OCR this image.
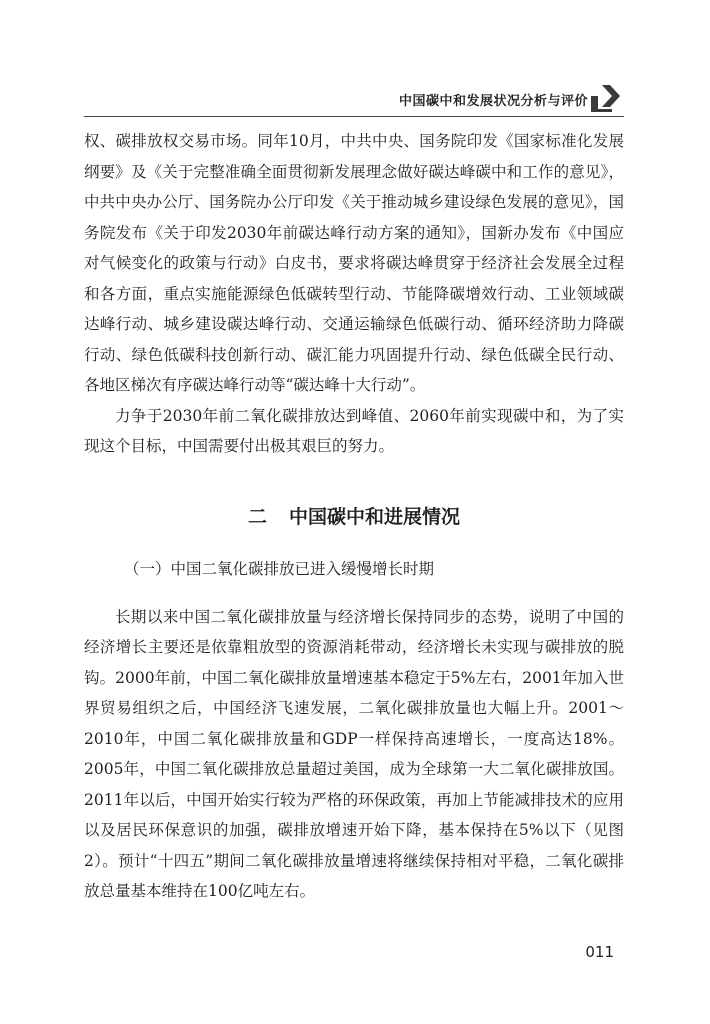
中国碳中和发展状况分析与评价

权、碳排放权交易市场。同年10月，中共中央、国务院印发《国家标准化发展纲要》及《关于完整准确全面贯彻新发展理念做好碳达峰碳中和工作的意见》，中共中央办公厅、国务院办公厅印发《关于推动城乡建设绿色发展的意见》，国务院发布《关于印发2030年前碳达峰行动方案的通知》，国新办发布《中国应对气候变化的政策与行动》白皮书，要求将碳达峰贯穿于经济社会发展全过程和各方面，重点实施能源绿色低碳转型行动、节能降碳增效行动、工业领域碳达峰行动、城乡建设碳达峰行动、交通运输绿色低碳行动、循环经济助力降碳行动、绿色低碳科技创新行动、碳汇能力巩固提升行动、绿色低碳全民行动、各地区梯次有序碳达峰行动等“碳达峰十大行动”。

力争于2030年前二氧化碳排放达到峰值、2060年前实现碳中和，为了实现这个目标，中国需要付出极其艰巨的努力。

二 中国碳中和进展情况

（一）中国二氧化碳排放已进入缓慢增长时期

长期以来中国二氧化碳排放量与经济增长保持同步的态势，说明了中国的经济增长主要还是依靠粗放型的资源消耗带动，经济增长未实现与碳排放的脱钩。2000年前，中国二氧化碳排放量增速基本稳定于5%左右，2001年加入世界贸易组织之后，中国经济飞速发展，二氧化碳排放量也大幅上升。2001～2010年，中国二氧化碳排放量和GDP一样保持高速增长，一度高达18%。2005年，中国二氧化碳排放总量超过美国，成为全球第一大二氧化碳排放国。2011年以后，中国开始实行较为严格的环保政策，再加上节能减排技术的应用以及居民环保意识的加强，碳排放增速开始下降，基本保持在5%以下（见图2）。预计“十四五”期间二氧化碳排放量增速将继续保持相对平稳，二氧化碳排放总量基本维持在100亿吨左右。

011
